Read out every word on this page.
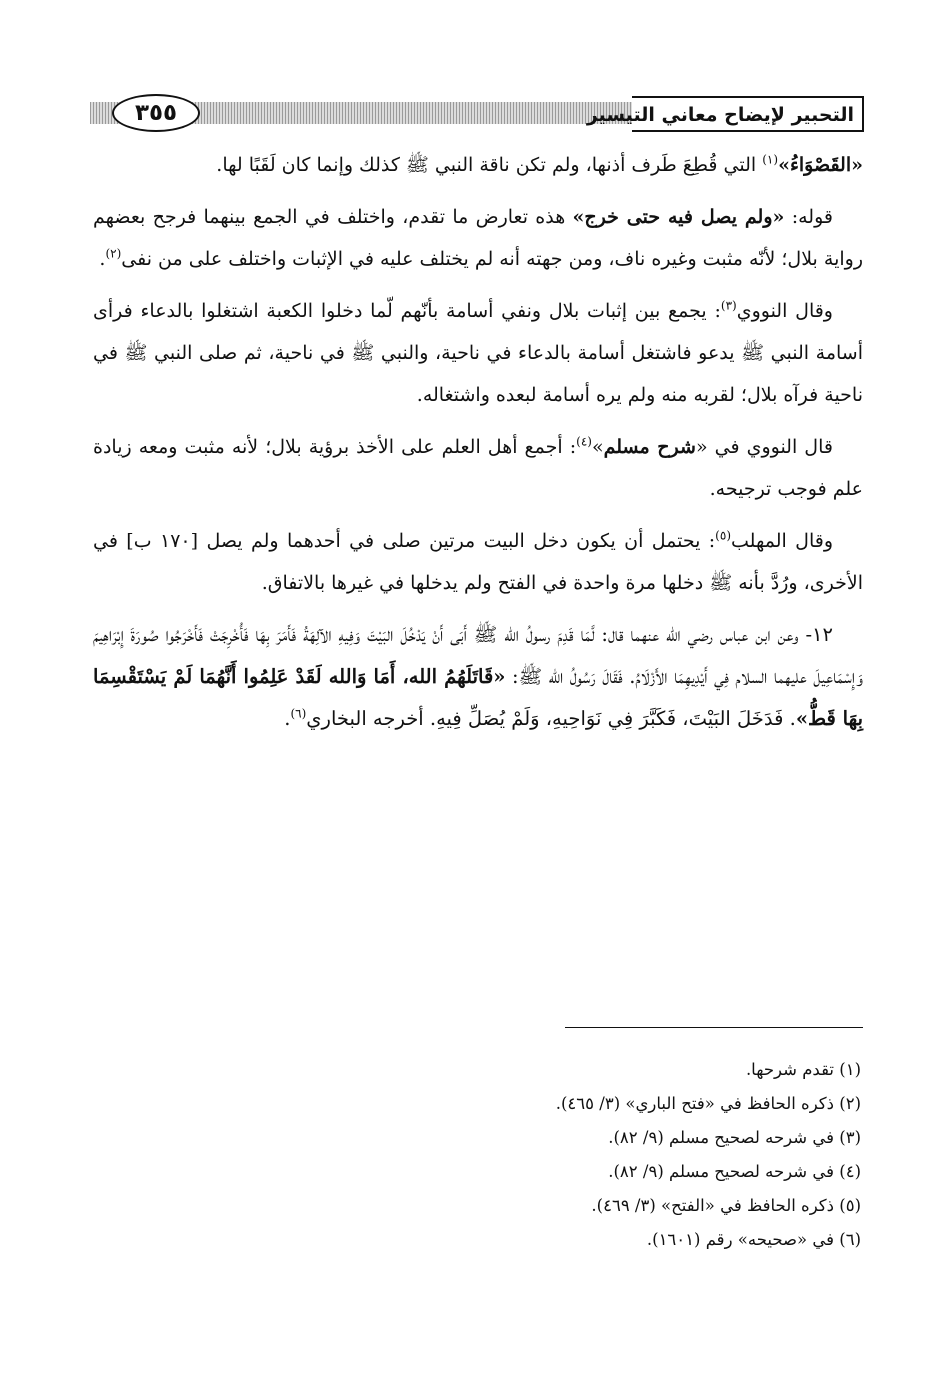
٣٥٥	التحبير لإيضاح معاني التيسير

«القَصْوَاءُ»$^{(١)}$ التي قُطِعَ طَرف أذنها، ولم تكن ناقة النبي ﷺ كذلك وإنما كان لَقَبًا لها.

قوله: «ولم يصل فيه حتى خرج» هذه تعارض ما تقدم، واختلف في الجمع بينهما فرجح بعضهم رواية بلال؛ لأنّه مثبت وغيره ناف، ومن جهته أنه لم يختلف عليه في الإثبات واختلف على من نفى$^{(٢)}$.

وقال النووي$^{(٣)}$: يجمع بين إثبات بلال ونفي أسامة بأنّهم لّما دخلوا الكعبة اشتغلوا بالدعاء فرأى أسامة النبي ﷺ يدعو فاشتغل أسامة بالدعاء في ناحية، والنبي ﷺ في ناحية، ثم صلى النبي ﷺ في ناحية فرآه بلال؛ لقربه منه ولم يره أسامة لبعده واشتغاله.

قال النووي في «شرح مسلم»$^{(٤)}$: أجمع أهل العلم على الأخذ برؤية بلال؛ لأنه مثبت ومعه زيادة علم فوجب ترجيحه.

وقال المهلب$^{(٥)}$: يحتمل أن يكون دخل البيت مرتين صلى في أحدهما ولم يصل [١٧٠ ب] في الأخرى، ورُدَّ بأنه ﷺ دخلها مرة واحدة في الفتح ولم يدخلها في غيرها بالاتفاق.

١٢- وعن ابن عباس رضي الله عنهما قال: لَّمَا قَدِمَ رسولُ الله ﷺ أَبَى أَنْ يَدْخُلَ البَيْتَ وَفِيهِ الآلِهَةُ فَأَمَرَ بِهَا فَأُخْرِجَتْ فَأَخْرَجُوا صُورَةَ إِبْرَاهِيمَ وَإِسْمَاعِيلَ عليهما السلام فِي أَيْدِيهِمَا الأَزْلَامُ. فَقَالَ رَسُولُ الله ﷺ: «قَاتَلَهُمُ الله، أَمَا وَالله لَقَدْ عَلِمُوا أَنَّهُمَا لَمْ يَسْتَقْسِمَا بِهَا قَطُّ». فَدَخَلَ البَيْتَ، فَكَبَّرَ فِي نَوَاحِيهِ، وَلَمْ يُصَلِّ فِيهِ. أخرجه البخاري$^{(٦)}$.

(١) تقدم شرحها.

(٢) ذكره الحافظ في «فتح الباري» (٣/ ٤٦٥).

(٣) في شرحه لصحيح مسلم (٩/ ٨٢).

(٤) في شرحه لصحيح مسلم (٩/ ٨٢).

(٥) ذكره الحافظ في «الفتح» (٣/ ٤٦٩).

(٦) في «صحيحه» رقم (١٦٠١).
